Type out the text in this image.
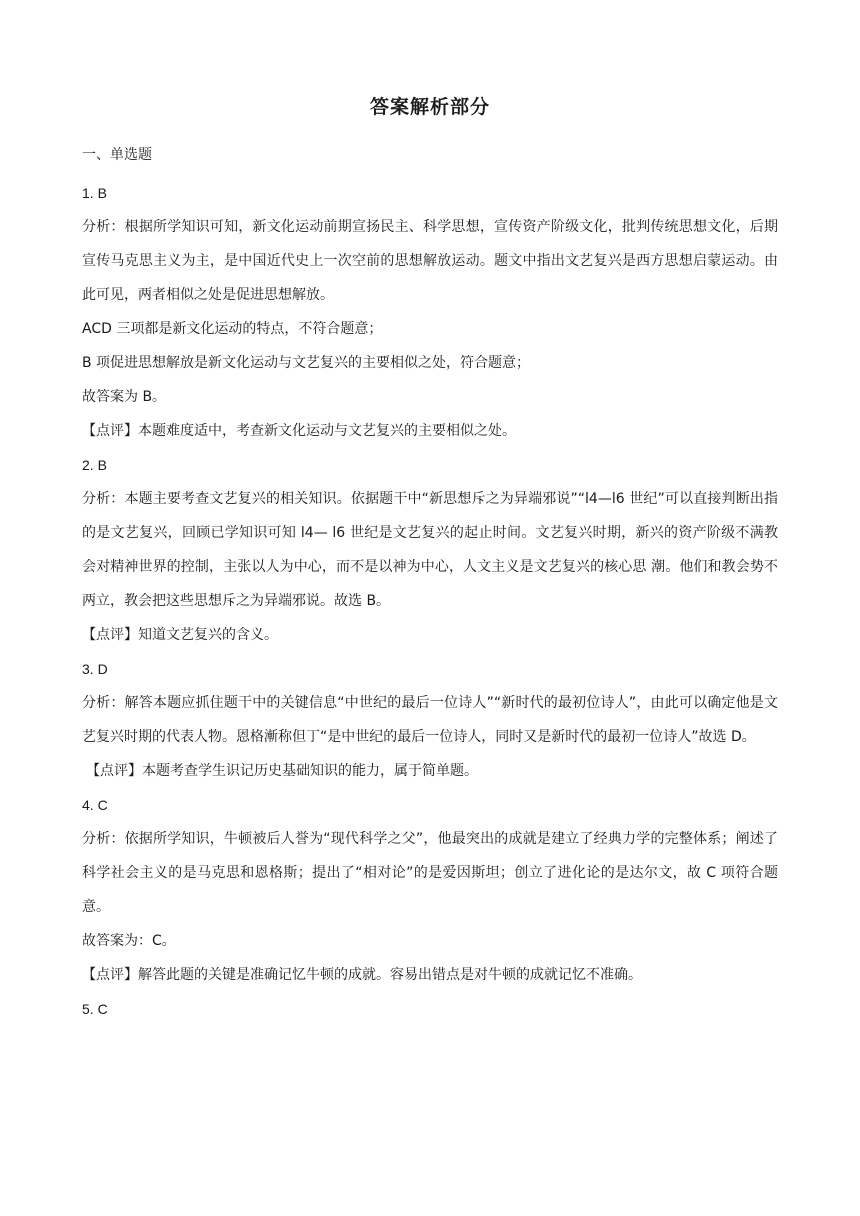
答案解析部分
一、单选题

1. B

分析：根据所学知识可知，新文化运动前期宣扬民主、科学思想，宣传资产阶级文化，批判传统思想文化，后期宣传马克思主义为主，是中国近代史上一次空前的思想解放运动。题文中指出文艺复兴是西方思想启蒙运动。由此可见，两者相似之处是促进思想解放。

ACD 三项都是新文化运动的特点，不符合题意；

B 项促进思想解放是新文化运动与文艺复兴的主要相似之处，符合题意；

故答案为 B。

【点评】本题难度适中，考查新文化运动与文艺复兴的主要相似之处。

2. B

分析：本题主要考查文艺复兴的相关知识。依据题干中“新思想斥之为异端邪说”“l4—l6 世纪”可以直接判断出指的是文艺复兴，回顾已学知识可知 l4— l6 世纪是文艺复兴的起止时间。文艺复兴时期，新兴的资产阶级不满教会对精神世界的控制，主张以人为中心，而不是以神为中心，人文主义是文艺复兴的核心思 潮。他们和教会势不两立，教会把这些思想斥之为异端邪说。故选 B。

【点评】知道文艺复兴的含义。

3. D

分析：解答本题应抓住题干中的关键信息“中世纪的最后一位诗人”“新时代的最初位诗人”，由此可以确定他是文艺复兴时期的代表人物。恩格漸称但丁“是中世纪的最后一位诗人，同时又是新时代的最初一位诗人”故选 D。

【点评】本题考查学生识记历史基础知识的能力，属于简单题。

4. C

分析：依据所学知识，牛顿被后人誉为“现代科学之父”，他最突出的成就是建立了经典力学的完整体系；阐述了科学社会主义的是马克思和恩格斯；提出了“相对论”的是爱因斯坦；创立了进化论的是达尔文，故 C 项符合题意。

故答案为：C。

【点评】解答此题的关键是准确记忆牛顿的成就。容易出错点是对牛顿的成就记忆不准确。

5. C
